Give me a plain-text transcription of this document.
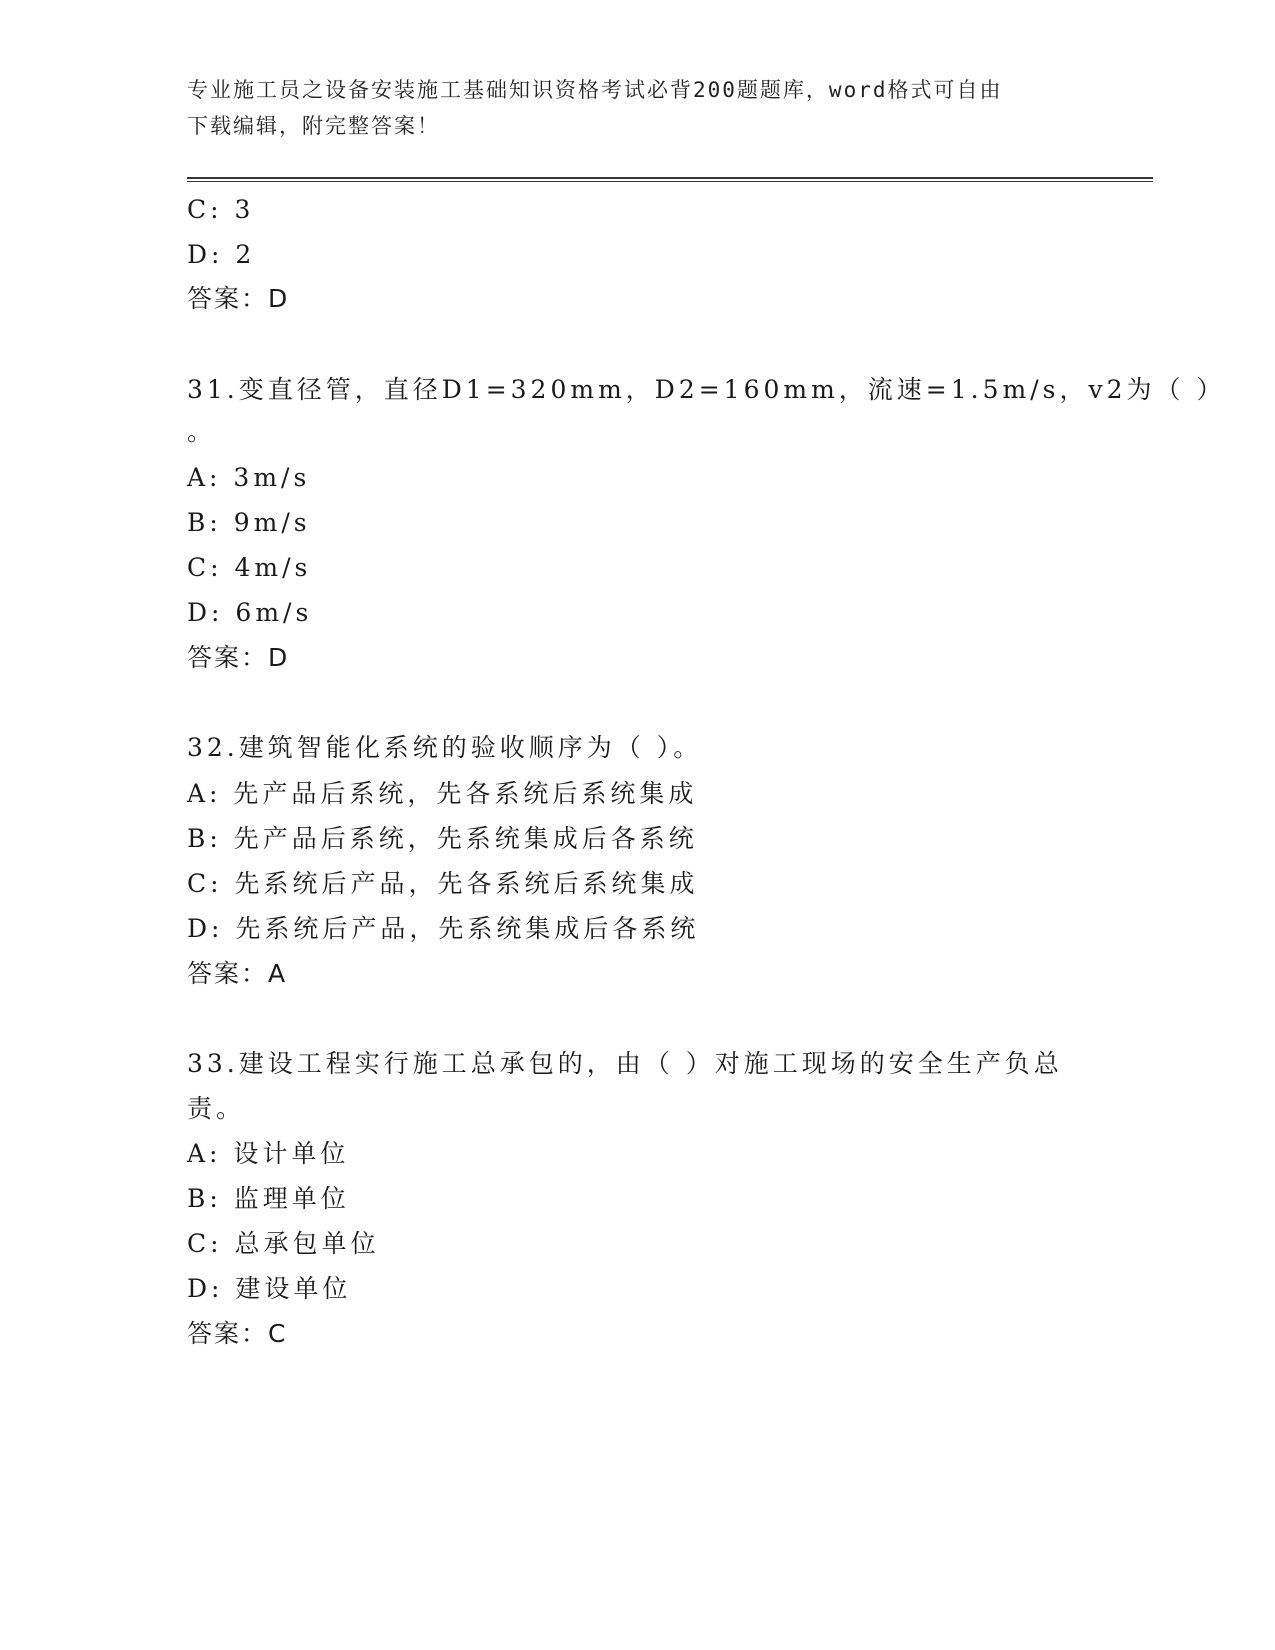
专业施工员之设备安装施工基础知识资格考试必背200题题库，word格式可自由
下载编辑，附完整答案！
C: 3
D: 2
答案：D
31.变直径管，直径D1=320mm，D2=160mm，流速=1.5m/s，v2为（ ）
。
A: 3m/s
B: 9m/s
C: 4m/s
D: 6m/s
答案：D
32.建筑智能化系统的验收顺序为（ ）。
A: 先产品后系统，先各系统后系统集成
B: 先产品后系统，先系统集成后各系统
C: 先系统后产品，先各系统后系统集成
D: 先系统后产品，先系统集成后各系统
答案：A
33.建设工程实行施工总承包的，由（ ）对施工现场的安全生产负总
责。
A: 设计单位
B: 监理单位
C: 总承包单位
D: 建设单位
答案：C
